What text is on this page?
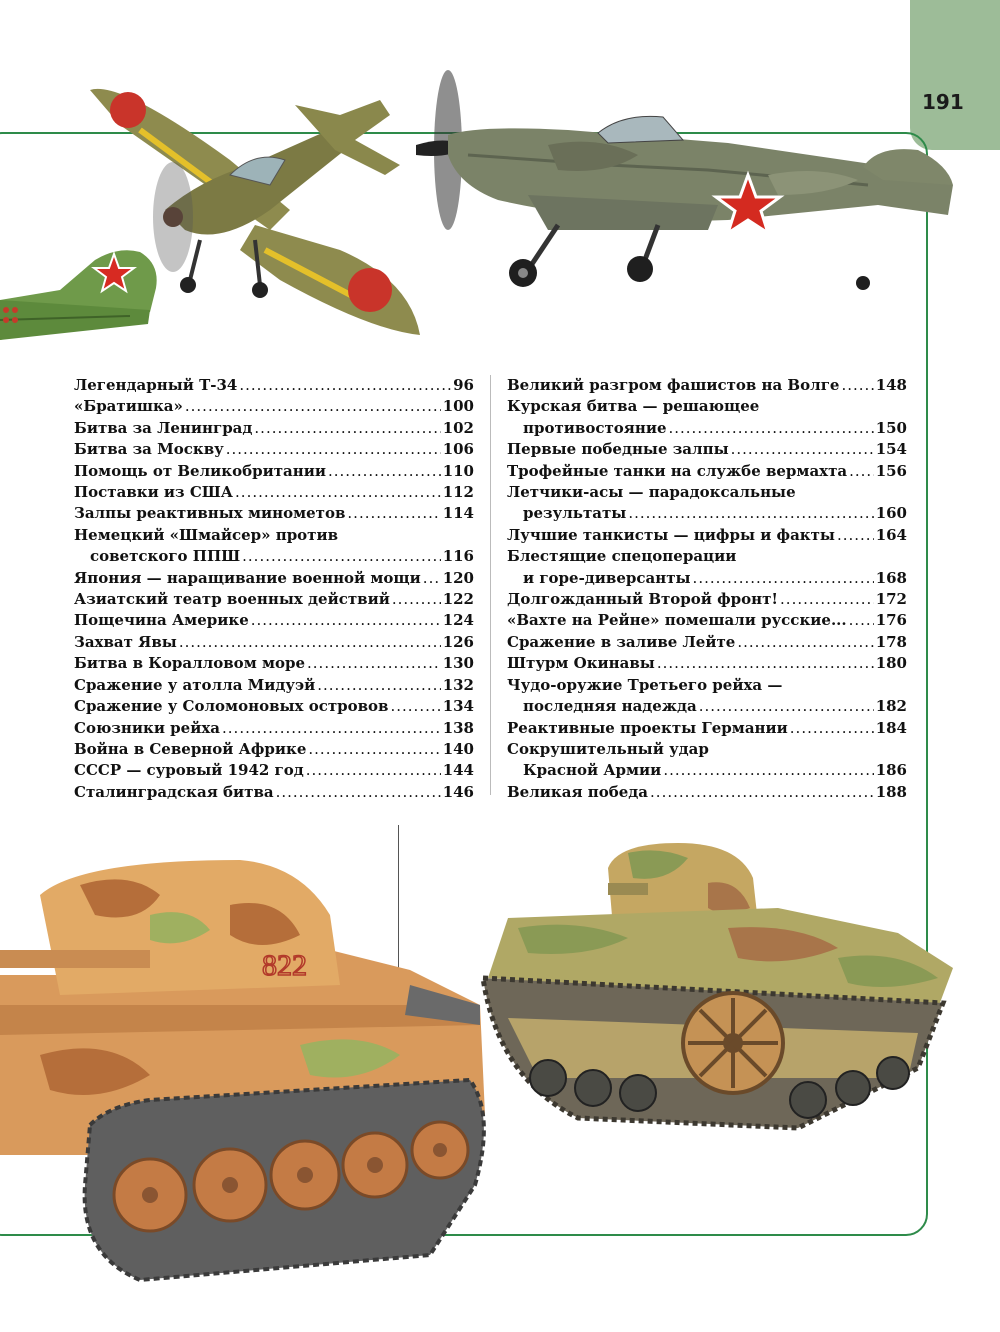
191
10
Легендарный Т-34 .....	96
«Братишка» .....	100
Битва за Ленинград .....	102
Битва за Москву .....	106
Помощь от Великобритании .....	110
Поставки из США .....	112
Залпы реактивных минометов .....	114
Немецкий «Шмайсер» против
советского ППШ .....	116
Япония — наращивание военной мощи ..... 120
Азиатский театр военных действий .....	122
Пощечина Америке .....	124
Захват Явы .....	126
Битва в Коралловом море .....	130
Сражение у атолла Мидуэй .....	132
Сражение у Соломоновых островов .....	134
Союзники рейха .....	138
Война в Северной Африке .....	140
СССР — суровый 1942 год .....	144
Сталинградская битва .....	146
Великий разгром фашистов на Волге ..... 148
Курская битва — решающее
противостояние .....	150
Первые победные залпы .....	154
Трофейные танки на службе вермахта ..... 156
Летчики-асы — парадоксальные
результаты .....	160
Лучшие танкисты — цифры и факты .....	164
Блестящие спецоперации
и горе-диверсанты .....	168
Долгожданный Второй фронт! .....	172
«Вахте на Рейне» помешали русские... ..... 176
Сражение в заливе Лейте .....	178
Штурм Окинавы .....	180
Чудо-оружие Третьего рейха —
последняя надежда .....	182
Реактивные проекты Германии .....	184
Сокрушительный удар
Красной Армии .....	186
Великая победа .....	188
822
